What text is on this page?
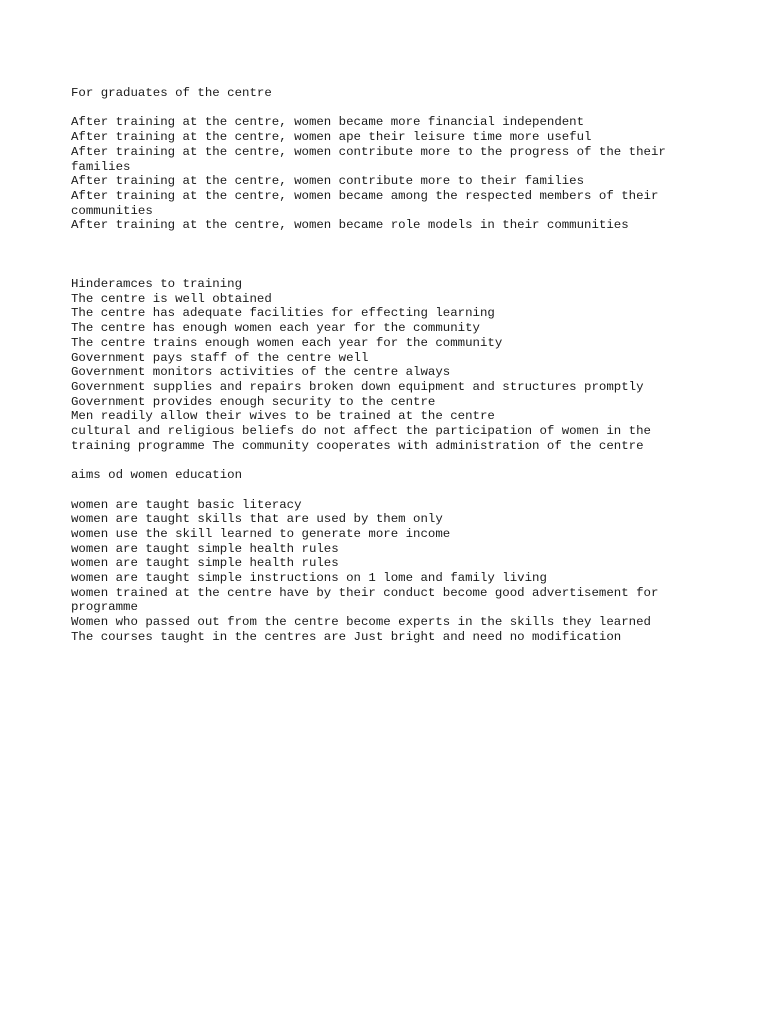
For graduates of the centre
After training at the centre, women became more financial independent
After training at the centre, women ape their leisure time more useful
After training at the centre, women contribute more to the progress of the their
families
After training at the centre, women contribute more to their families
After training at the centre, women became among the respected members of their
communities
After training at the centre, women became role models in their communities
Hinderamces to training
The centre is well obtained
The centre has adequate facilities for effecting learning
The centre has enough women each year for the community
The centre trains enough women each year for the community
Government pays staff of the centre well
Government monitors activities of the centre always
Government supplies and repairs broken down equipment and structures promptly
Government provides enough security to the centre
Men readily allow their wives to be trained at the centre
cultural and religious beliefs do not affect the participation of women in the
training programme The community cooperates with administration of the centre
aims od women education
women are taught basic literacy
women are taught skills that are used by them only
women use the skill learned to generate more income
women are taught simple health rules
women are taught simple health rules
women are taught simple instructions on 1 lome and family living
women trained at the centre have by their conduct become good advertisement for
programme
Women who passed out from the centre become experts in the skills they learned
The courses taught in the centres are Just bright and need no modification
